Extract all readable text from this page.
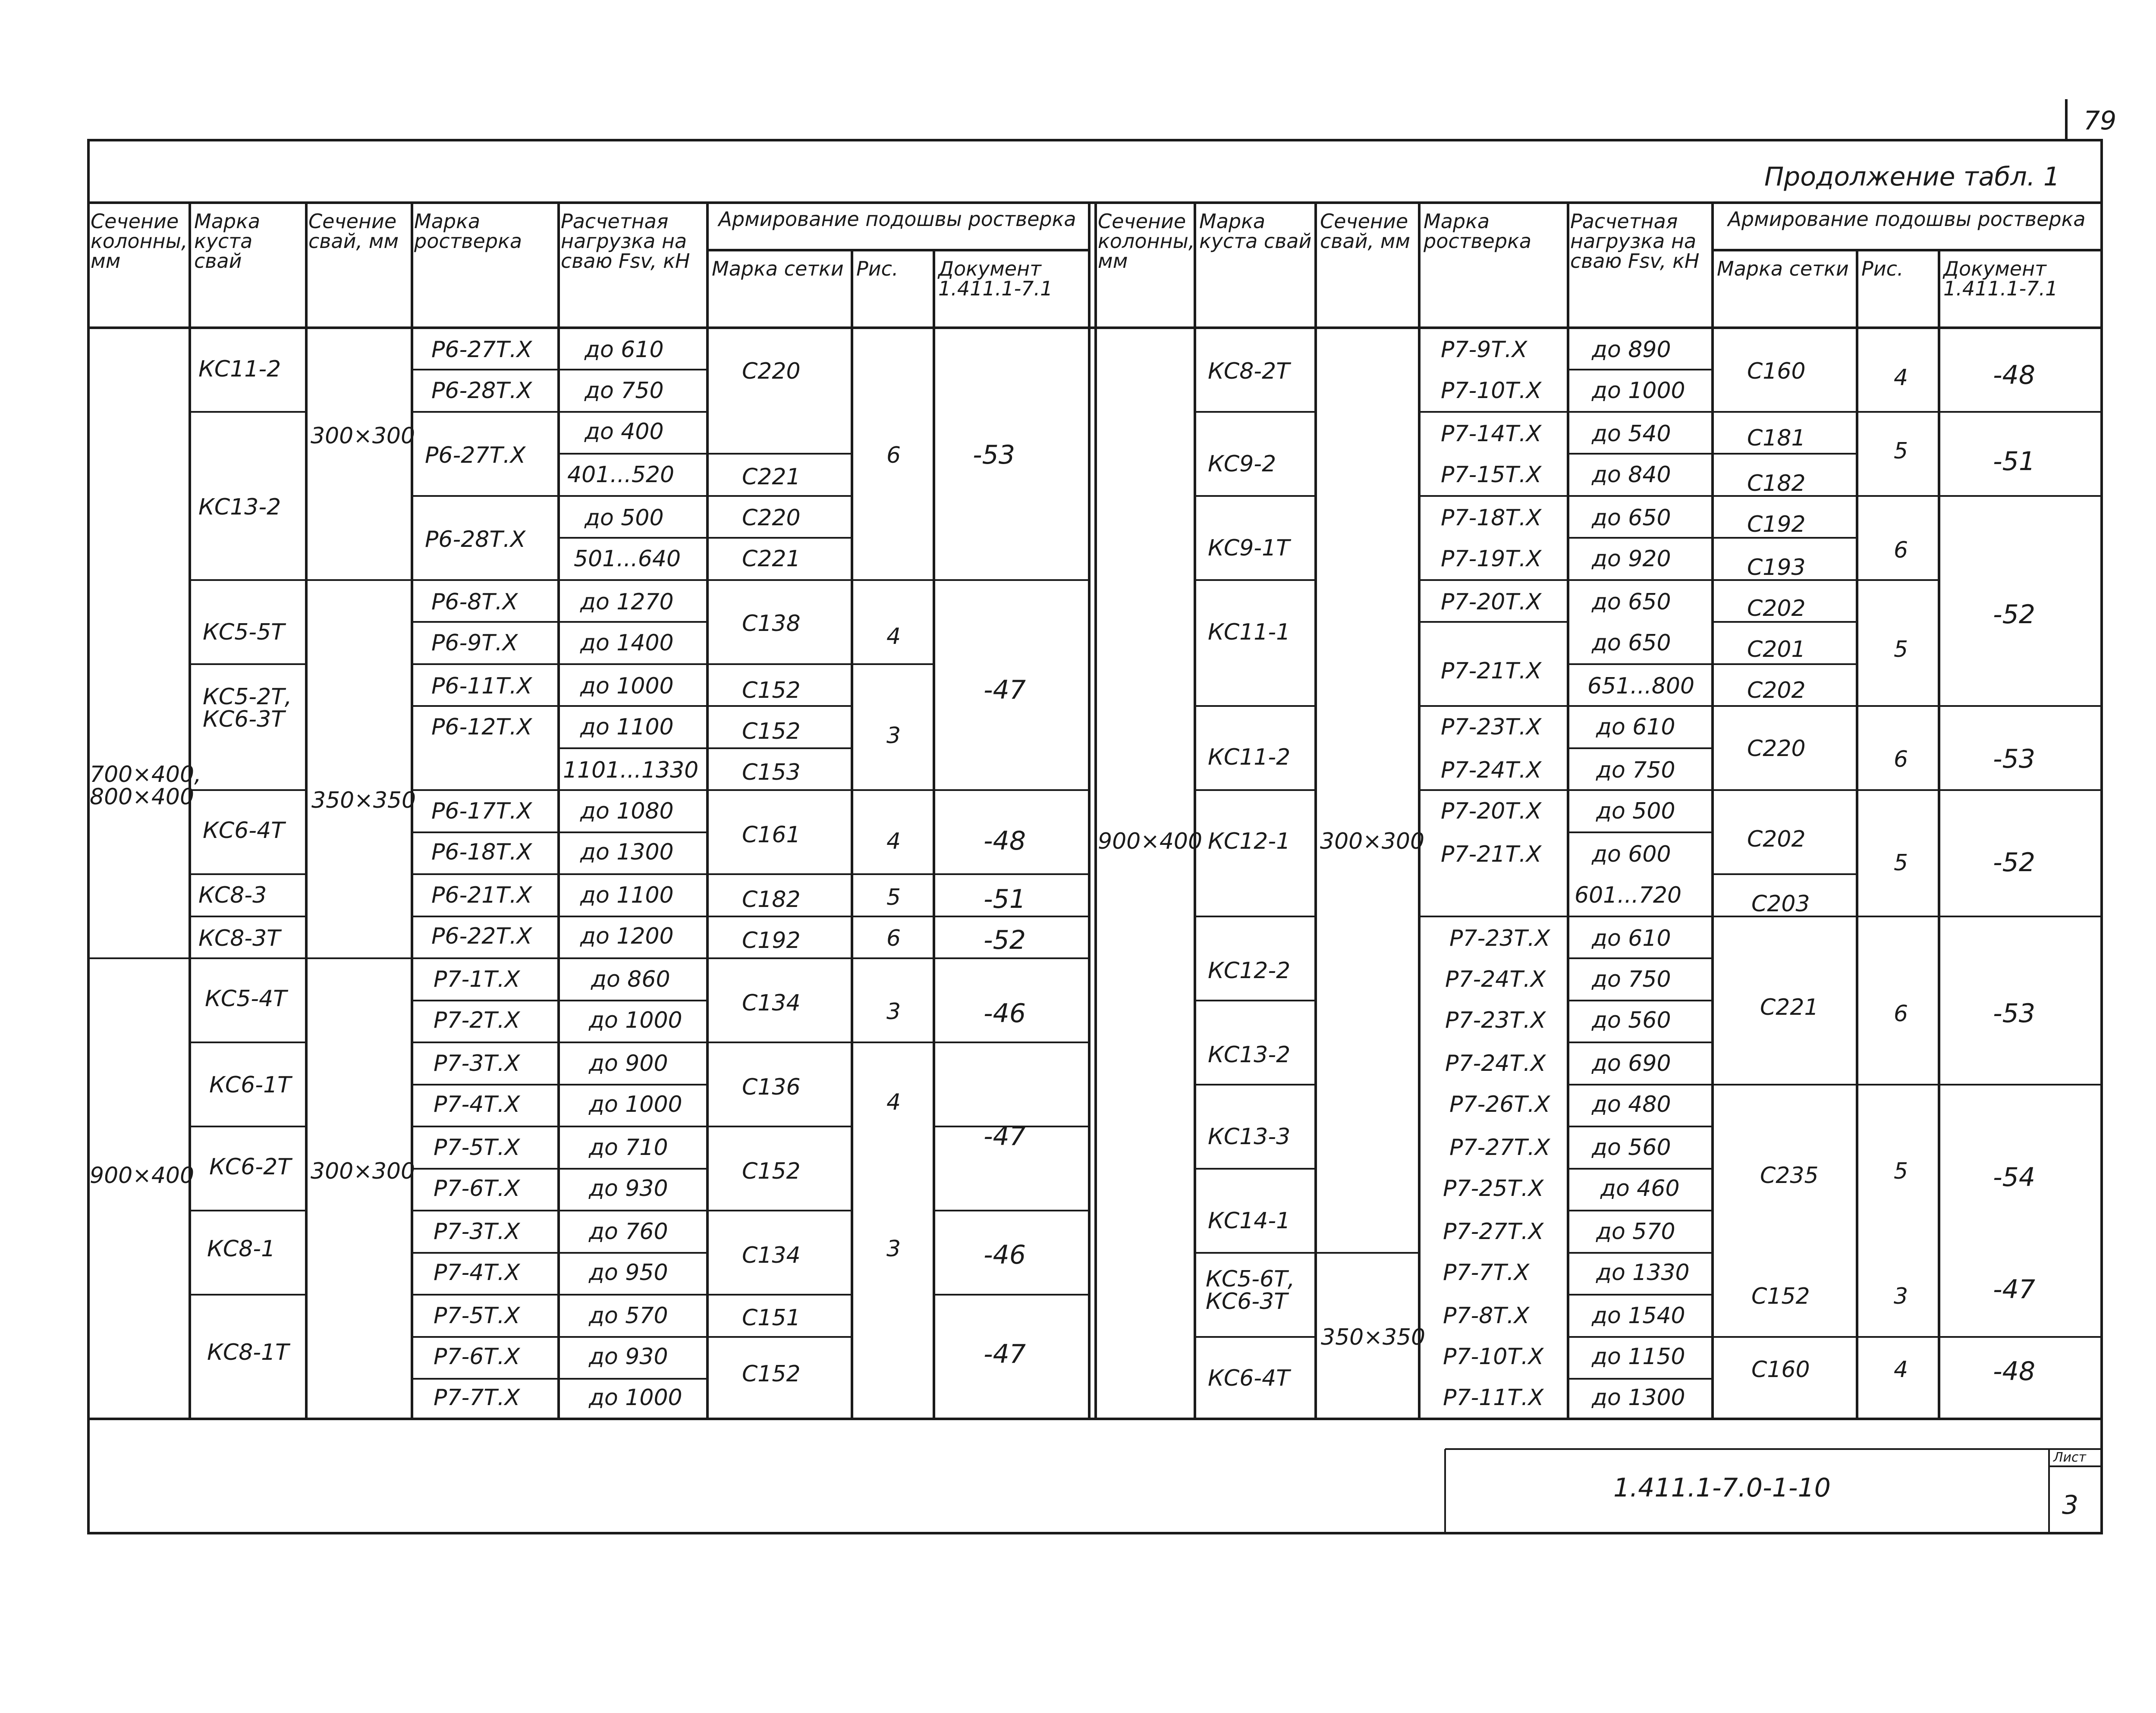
79
Продолжение табл. 1
Сечение колонны, мм
Марка куста свай
Сечение свай, мм
Марка ростверка
Расчетная нагрузка на сваю Fsv, кН
Армирование подошвы ростверка
Марка сетки Рис. Документ 1.411.1-7.1
Сечение колонны, мм
Марка куста свай
Сечение свай, мм
Марка ростверка
Расчетная нагрузка на сваю Fsv, кН
Армирование подошвы ростверка
Марка сетки Рис. Документ 1.411.1-7.1
700×400, 800×400
900×400
300×300
350×350
300×300
КС11-2
КС13-2
КС5-5Т
КС5-2Т, КС6-3Т
КС6-4Т
КС8-3
КС8-3Т
КС5-4Т
КС6-1Т
КС6-2Т
КС8-1
КС8-1Т
Р6-27Т.Х
Р6-28Т.Х
Р6-27Т.Х
Р6-28Т.Х
Р6-8Т.Х
Р6-9Т.Х
Р6-11Т.Х
Р6-12Т.Х
Р6-17Т.Х
Р6-18Т.Х
Р6-21Т.Х
Р6-22Т.Х
Р7-1Т.Х
Р7-2Т.Х
Р7-3Т.Х
Р7-4Т.Х
Р7-5Т.Х
Р7-6Т.Х
Р7-3Т.Х
Р7-4Т.Х
Р7-5Т.Х
Р7-6Т.Х
Р7-7Т.Х
до 610
до 750
до 400
401...520
до 500
501...640
до 1270
до 1400
до 1000
до 1100
1101...1330
до 1080
до 1300
до 1100
до 1200
до 860
до 1000
до 900
до 1000
до 710
до 930
до 760
до 950
до 570
до 930
до 1000
С220
С221
С220
С221
С138
С152
С152
С153
С161
С182
С192
С134
С136
С152
С134
С151
С152
6
4
3
4
5
6
3
4
3
-53
-47
-48
-51
-52
-46
-47
-46
-47
900×400	300×300
350×350
КС8-2Т
КС9-2
КС9-1Т
КС11-1
КС11-2
КС12-1
КС12-2
КС13-2
КС13-3
КС14-1
КС5-6Т, КС6-3Т
КС6-4Т
Р7-9Т.Х
Р7-10Т.Х
Р7-14Т.Х
Р7-15Т.Х
Р7-18Т.Х
Р7-19Т.Х
Р7-20Т.Х
Р7-21Т.Х
Р7-23Т.Х
Р7-24Т.Х
Р7-20Т.Х
Р7-21Т.Х
Р7-23Т.Х
Р7-24Т.Х
Р7-23Т.Х
Р7-24Т.Х
Р7-26Т.Х
Р7-27Т.Х
Р7-25Т.Х
Р7-27Т.Х
Р7-7Т.Х
Р7-8Т.Х
Р7-10Т.Х
Р7-11Т.Х
до 890
до 1000
до 540
до 840
до 650
до 920
до 650
до 650
651...800
до 610
до 750
до 500
до 600
601...720
до 610
до 750
до 560
до 690
до 480
до 560
до 460
до 570
до 1330
до 1540
до 1150
до 1300
С160
С181
С182
С192
С193
С202
С201
С202
С220
С202
С203
С221
С235
С152
С160
4
5
6
5
6
5
6
5
3
4
-48
-51
-52
-53
-52
-53
-54
-47
-48
1.411.1-7.0-1-10
Лист
3
